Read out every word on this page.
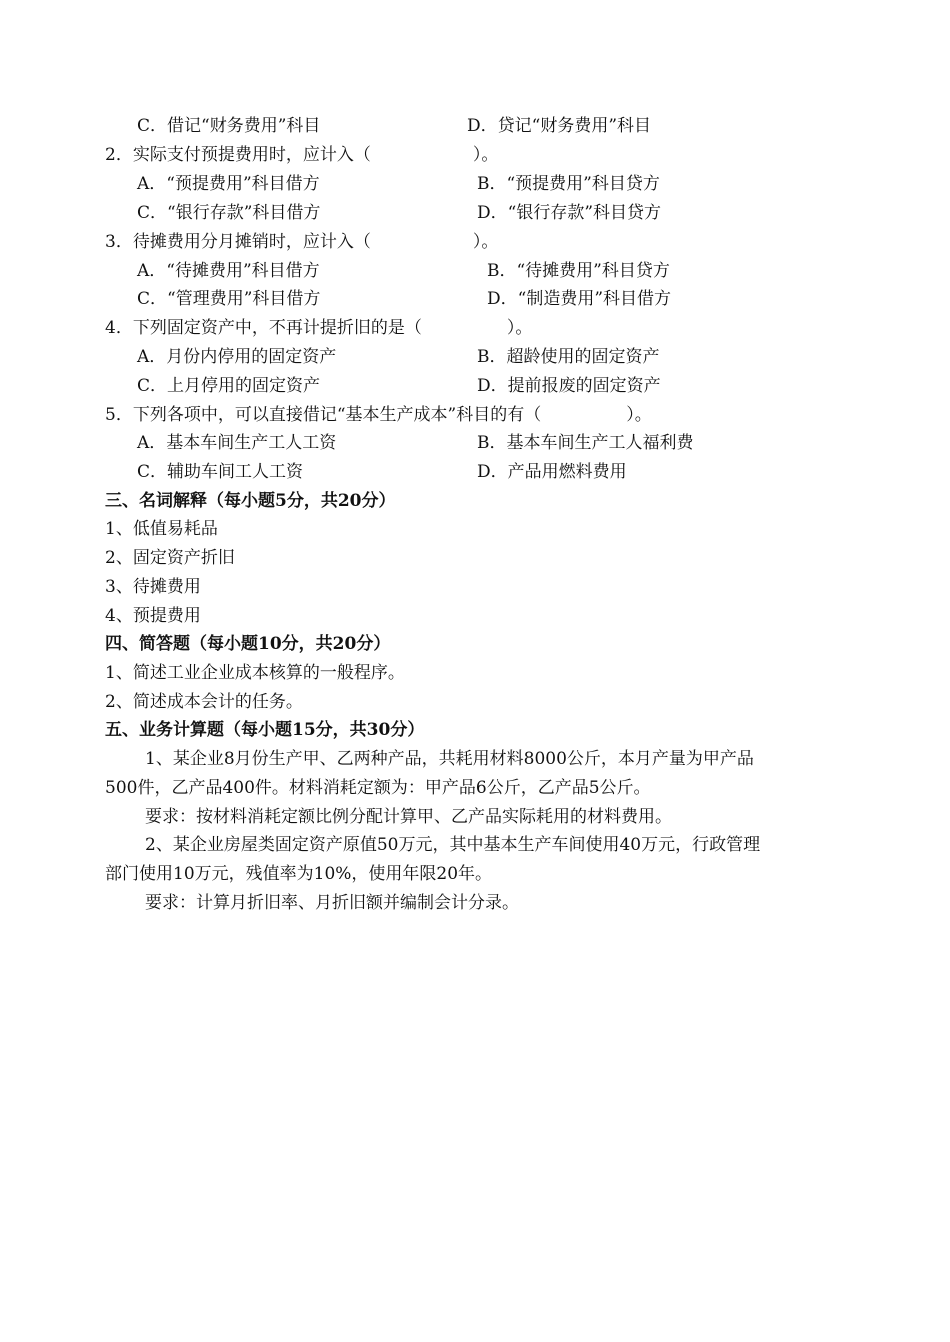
C．借记“财务费用”科目	D．贷记“财务费用”科目
2．实际支付预提费用时，应计入（　　　　　　）。
A．“预提费用”科目借方	B．“预提费用”科目贷方
C．“银行存款”科目借方	D．“银行存款”科目贷方
3．待摊费用分月摊销时，应计入（　　　　　　）。
A．“待摊费用”科目借方	B．“待摊费用”科目贷方
C．“管理费用”科目借方	D．“制造费用”科目借方
4．下列固定资产中，不再计提折旧的是（　　　　　）。
A．月份内停用的固定资产	B．超龄使用的固定资产
C．上月停用的固定资产	D．提前报废的固定资产
5．下列各项中，可以直接借记“基本生产成本”科目的有（　　　　　）。
A．基本车间生产工人工资	B．基本车间生产工人福利费
C．辅助车间工人工资	D．产品用燃料费用
三、名词解释（每小题5分，共20分）
1、低值易耗品
2、固定资产折旧
3、待摊费用
4、预提费用
四、简答题（每小题10分，共20分）
1、简述工业企业成本核算的一般程序。
2、简述成本会计的任务。
五、业务计算题（每小题15分，共30分）
1、某企业8月份生产甲、乙两种产品，共耗用材料8000公斤，本月产量为甲产品
500件，乙产品400件。材料消耗定额为：甲产品6公斤，乙产品5公斤。
要求：按材料消耗定额比例分配计算甲、乙产品实际耗用的材料费用。
2、某企业房屋类固定资产原值50万元，其中基本生产车间使用40万元，行政管理
部门使用10万元，残值率为10%，使用年限20年。
要求：计算月折旧率、月折旧额并编制会计分录。
